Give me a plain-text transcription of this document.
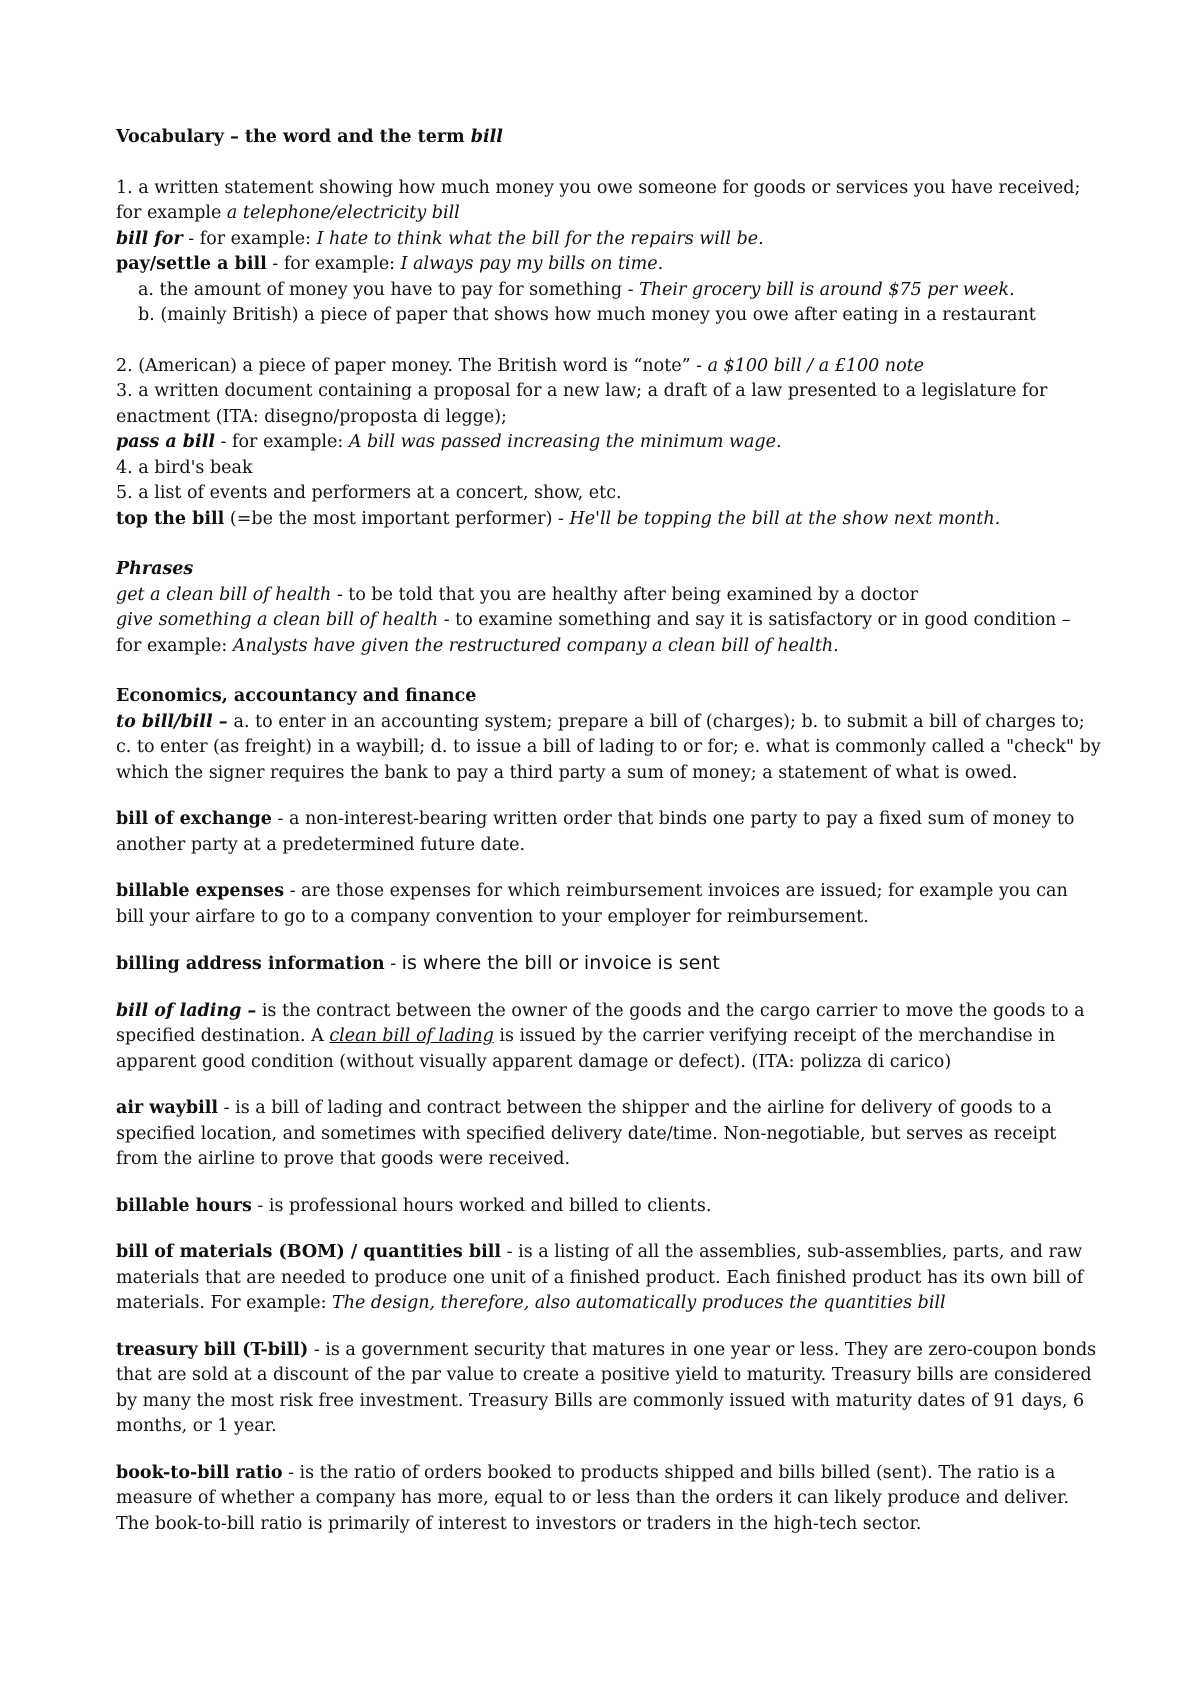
Vocabulary – the word and the term bill

1. a written statement showing how much money you owe someone for goods or services you have received; for example a telephone/electricity bill

bill for - for example: I hate to think what the bill for the repairs will be.

pay/settle a bill - for example: I always pay my bills on time.

a. the amount of money you have to pay for something - Their grocery bill is around $75 per week.

b. (mainly British) a piece of paper that shows how much money you owe after eating in a restaurant

2. (American) a piece of paper money. The British word is “note” - a $100 bill / a £100 note

3. a written document containing a proposal for a new law; a draft of a law presented to a legislature for enactment (ITA: disegno/proposta di legge);

pass a bill - for example: A bill was passed increasing the minimum wage.

4. a bird's beak

5. a list of events and performers at a concert, show, etc.

top the bill (=be the most important performer) - He'll be topping the bill at the show next month.

Phrases

get a clean bill of health - to be told that you are healthy after being examined by a doctor

give something a clean bill of health - to examine something and say it is satisfactory or in good condition – for example: Analysts have given the restructured company a clean bill of health.

Economics, accountancy and finance

to bill/bill – a. to enter in an accounting system; prepare a bill of (charges); b. to submit a bill of charges to; c. to enter (as freight) in a waybill; d. to issue a bill of lading to or for; e. what is commonly called a "check" by which the signer requires the bank to pay a third party a sum of money; a statement of what is owed.

bill of exchange - a non-interest-bearing written order that binds one party to pay a fixed sum of money to another party at a predetermined future date.

billable expenses - are those expenses for which reimbursement invoices are issued; for example you can bill your airfare to go to a company convention to your employer for reimbursement.

billing address information - is where the bill or invoice is sent

bill of lading – is the contract between the owner of the goods and the cargo carrier to move the goods to a specified destination. A clean bill of lading is issued by the carrier verifying receipt of the merchandise in apparent good condition (without visually apparent damage or defect). (ITA: polizza di carico)

air waybill - is a bill of lading and contract between the shipper and the airline for delivery of goods to a specified location, and sometimes with specified delivery date/time. Non-negotiable, but serves as receipt from the airline to prove that goods were received.

billable hours - is professional hours worked and billed to clients.

bill of materials (BOM) / quantities bill - is a listing of all the assemblies, sub-assemblies, parts, and raw materials that are needed to produce one unit of a finished product. Each finished product has its own bill of materials. For example: The design, therefore, also automatically produces the quantities bill

treasury bill (T-bill) - is a government security that matures in one year or less. They are zero-coupon bonds that are sold at a discount of the par value to create a positive yield to maturity. Treasury bills are considered by many the most risk free investment. Treasury Bills are commonly issued with maturity dates of 91 days, 6 months, or 1 year.

book-to-bill ratio - is the ratio of orders booked to products shipped and bills billed (sent). The ratio is a measure of whether a company has more, equal to or less than the orders it can likely produce and deliver. The book-to-bill ratio is primarily of interest to investors or traders in the high-tech sector.
